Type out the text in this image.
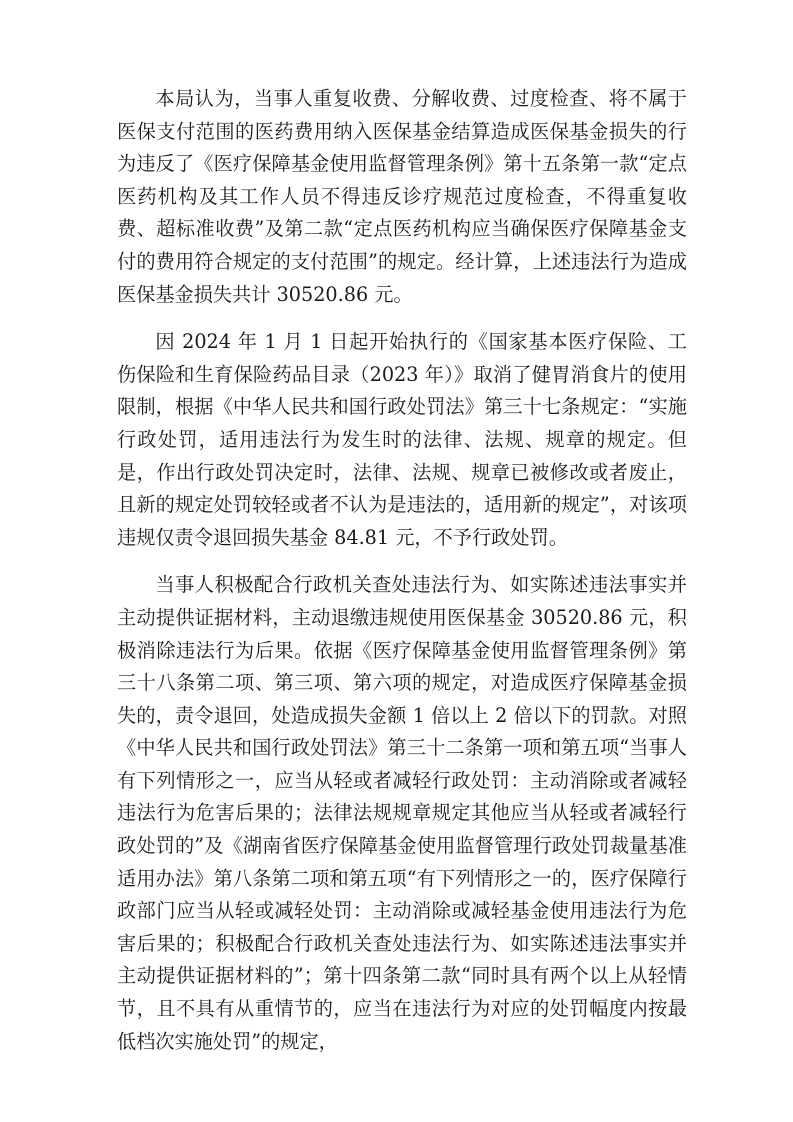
本局认为，当事人重复收费、分解收费、过度检查、将不属于医保支付范围的医药费用纳入医保基金结算造成医保基金损失的行为违反了《医疗保障基金使用监督管理条例》第十五条第一款“定点医药机构及其工作人员不得违反诊疗规范过度检查，不得重复收费、超标准收费”及第二款“定点医药机构应当确保医疗保障基金支付的费用符合规定的支付范围”的规定。经计算，上述违法行为造成医保基金损失共计 30520.86 元。

因 2024 年 1 月 1 日起开始执行的《国家基本医疗保险、工伤保险和生育保险药品目录（2023 年）》取消了健胃消食片的使用限制，根据《中华人民共和国行政处罚法》第三十七条规定：“实施行政处罚，适用违法行为发生时的法律、法规、规章的规定。但是，作出行政处罚决定时，法律、法规、规章已被修改或者废止，且新的规定处罚较轻或者不认为是违法的，适用新的规定”，对该项违规仅责令退回损失基金 84.81 元，不予行政处罚。

当事人积极配合行政机关查处违法行为、如实陈述违法事实并主动提供证据材料，主动退缴违规使用医保基金 30520.86 元，积极消除违法行为后果。依据《医疗保障基金使用监督管理条例》第三十八条第二项、第三项、第六项的规定，对造成医疗保障基金损失的，责令退回，处造成损失金额 1 倍以上 2 倍以下的罚款。对照《中华人民共和国行政处罚法》第三十二条第一项和第五项“当事人有下列情形之一，应当从轻或者减轻行政处罚：主动消除或者减轻违法行为危害后果的；法律法规规章规定其他应当从轻或者减轻行政处罚的”及《湖南省医疗保障基金使用监督管理行政处罚裁量基准适用办法》第八条第二项和第五项“有下列情形之一的，医疗保障行政部门应当从轻或减轻处罚：主动消除或减轻基金使用违法行为危害后果的；积极配合行政机关查处违法行为、如实陈述违法事实并主动提供证据材料的”；第十四条第二款“同时具有两个以上从轻情节，且不具有从重情节的，应当在违法行为对应的处罚幅度内按最低档次实施处罚”的规定，
